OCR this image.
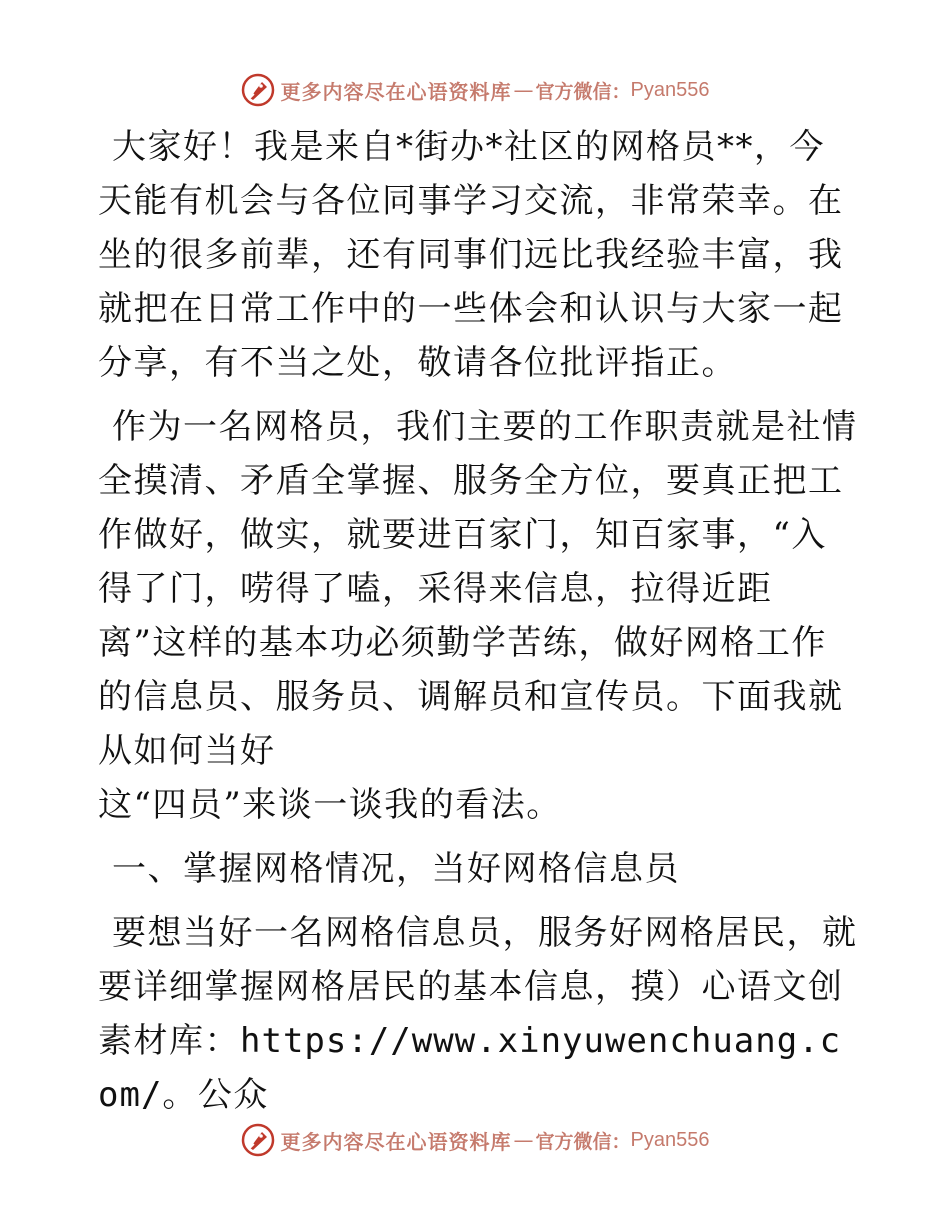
更多内容尽在心语资料库 — 官方微信： Pyan556

大家好！我是来自*街办*社区的网格员**，今天能有机会与各位同事学习交流，非常荣幸。在坐的很多前辈，还有同事们远比我经验丰富，我就把在日常工作中的一些体会和认识与大家一起分享，有不当之处，敬请各位批评指正。

作为一名网格员，我们主要的工作职责就是社情全摸清、矛盾全掌握、服务全方位，要真正把工作做好，做实，就要进百家门，知百家事，“入得了门，唠得了嗑，采得来信息，拉得近距离”这样的基本功必须勤学苦练，做好网格工作的信息员、服务员、调解员和宣传员。下面我就从如何当好
这“四员”来谈一谈我的看法。

一、掌握网格情况，当好网格信息员

要想当好一名网格信息员，服务好网格居民，就要详细掌握网格居民的基本信息，摸）心语文创素材库：https://www.xinyuwenchuang.com/。公众

更多内容尽在心语资料库 — 官方微信： Pyan556
